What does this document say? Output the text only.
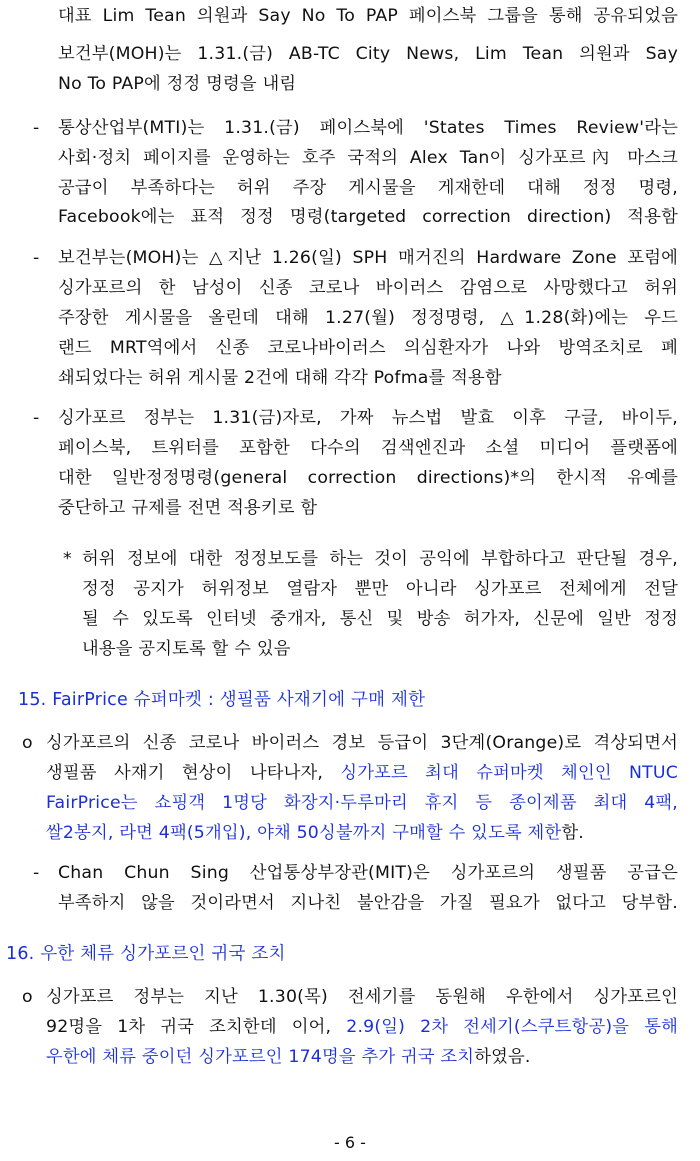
대표 Lim Tean 의원과 Say No To PAP 페이스북 그룹을 통해 공유되었음
보건부(MOH)는 1.31.(금) AB-TC City News, Lim Tean 의원과 Say
No To PAP에 정정 명령을 내림
- 통상산업부(MTI)는 1.31.(금) 페이스북에 'States Times Review'라는
사회·정치 페이지를 운영하는 호주 국적의 Alex Tan이 싱가포르內 마스크
공급이 부족하다는 허위 주장 게시물을 게재한데 대해 정정 명령,
Facebook에는 표적 정정 명령(targeted correction direction) 적용함
- 보건부는(MOH)는 △지난 1.26(일) SPH 매거진의 Hardware Zone 포럼에
싱가포르의 한 남성이 신종 코로나 바이러스 감염으로 사망했다고 허위
주장한 게시물을 올린데 대해 1.27(월) 정정명령, △1.28(화)에는 우드
랜드 MRT역에서 신종 코로나바이러스 의심환자가 나와 방역조치로 폐
쇄되었다는 허위 게시물 2건에 대해 각각 Pofma를 적용함
- 싱가포르 정부는 1.31(금)자로, 가짜 뉴스법 발효 이후 구글, 바이두,
페이스북, 트위터를 포함한 다수의 검색엔진과 소셜 미디어 플랫폼에
대한 일반정정명령(general correction directions)*의 한시적 유예를
중단하고 규제를 전면 적용키로 함
* 허위 정보에 대한 정정보도를 하는 것이 공익에 부합하다고 판단될 경우,
정정 공지가 허위정보 열람자 뿐만 아니라 싱가포르 전체에게 전달
될 수 있도록 인터넷 중개자, 통신 및 방송 허가자, 신문에 일반 정정
내용을 공지토록 할 수 있음
15. FairPrice 슈퍼마켓 : 생필품 사재기에 구매 제한
o 싱가포르의 신종 코로나 바이러스 경보 등급이 3단계(Orange)로 격상되면서
생필품 사재기 현상이 나타나자, 싱가포르 최대 슈퍼마켓 체인인 NTUC
FairPrice는 쇼핑객 1명당 화장지·두루마리 휴지 등 종이제품 최대 4팩,
쌀2봉지, 라면 4팩(5개입), 야채 50싱불까지 구매할 수 있도록 제한함.
- Chan Chun Sing 산업통상부장관(MIT)은 싱가포르의 생필품 공급은
부족하지 않을 것이라면서 지나친 불안감을 가질 필요가 없다고 당부함.
16. 우한 체류 싱가포르인 귀국 조치
o 싱가포르 정부는 지난 1.30(목) 전세기를 동원해 우한에서 싱가포르인
92명을 1차 귀국 조치한데 이어, 2.9(일) 2차 전세기(스쿠트항공)을 통해
우한에 체류 중이던 싱가포르인 174명을 추가 귀국 조치하였음.
- 6 -
